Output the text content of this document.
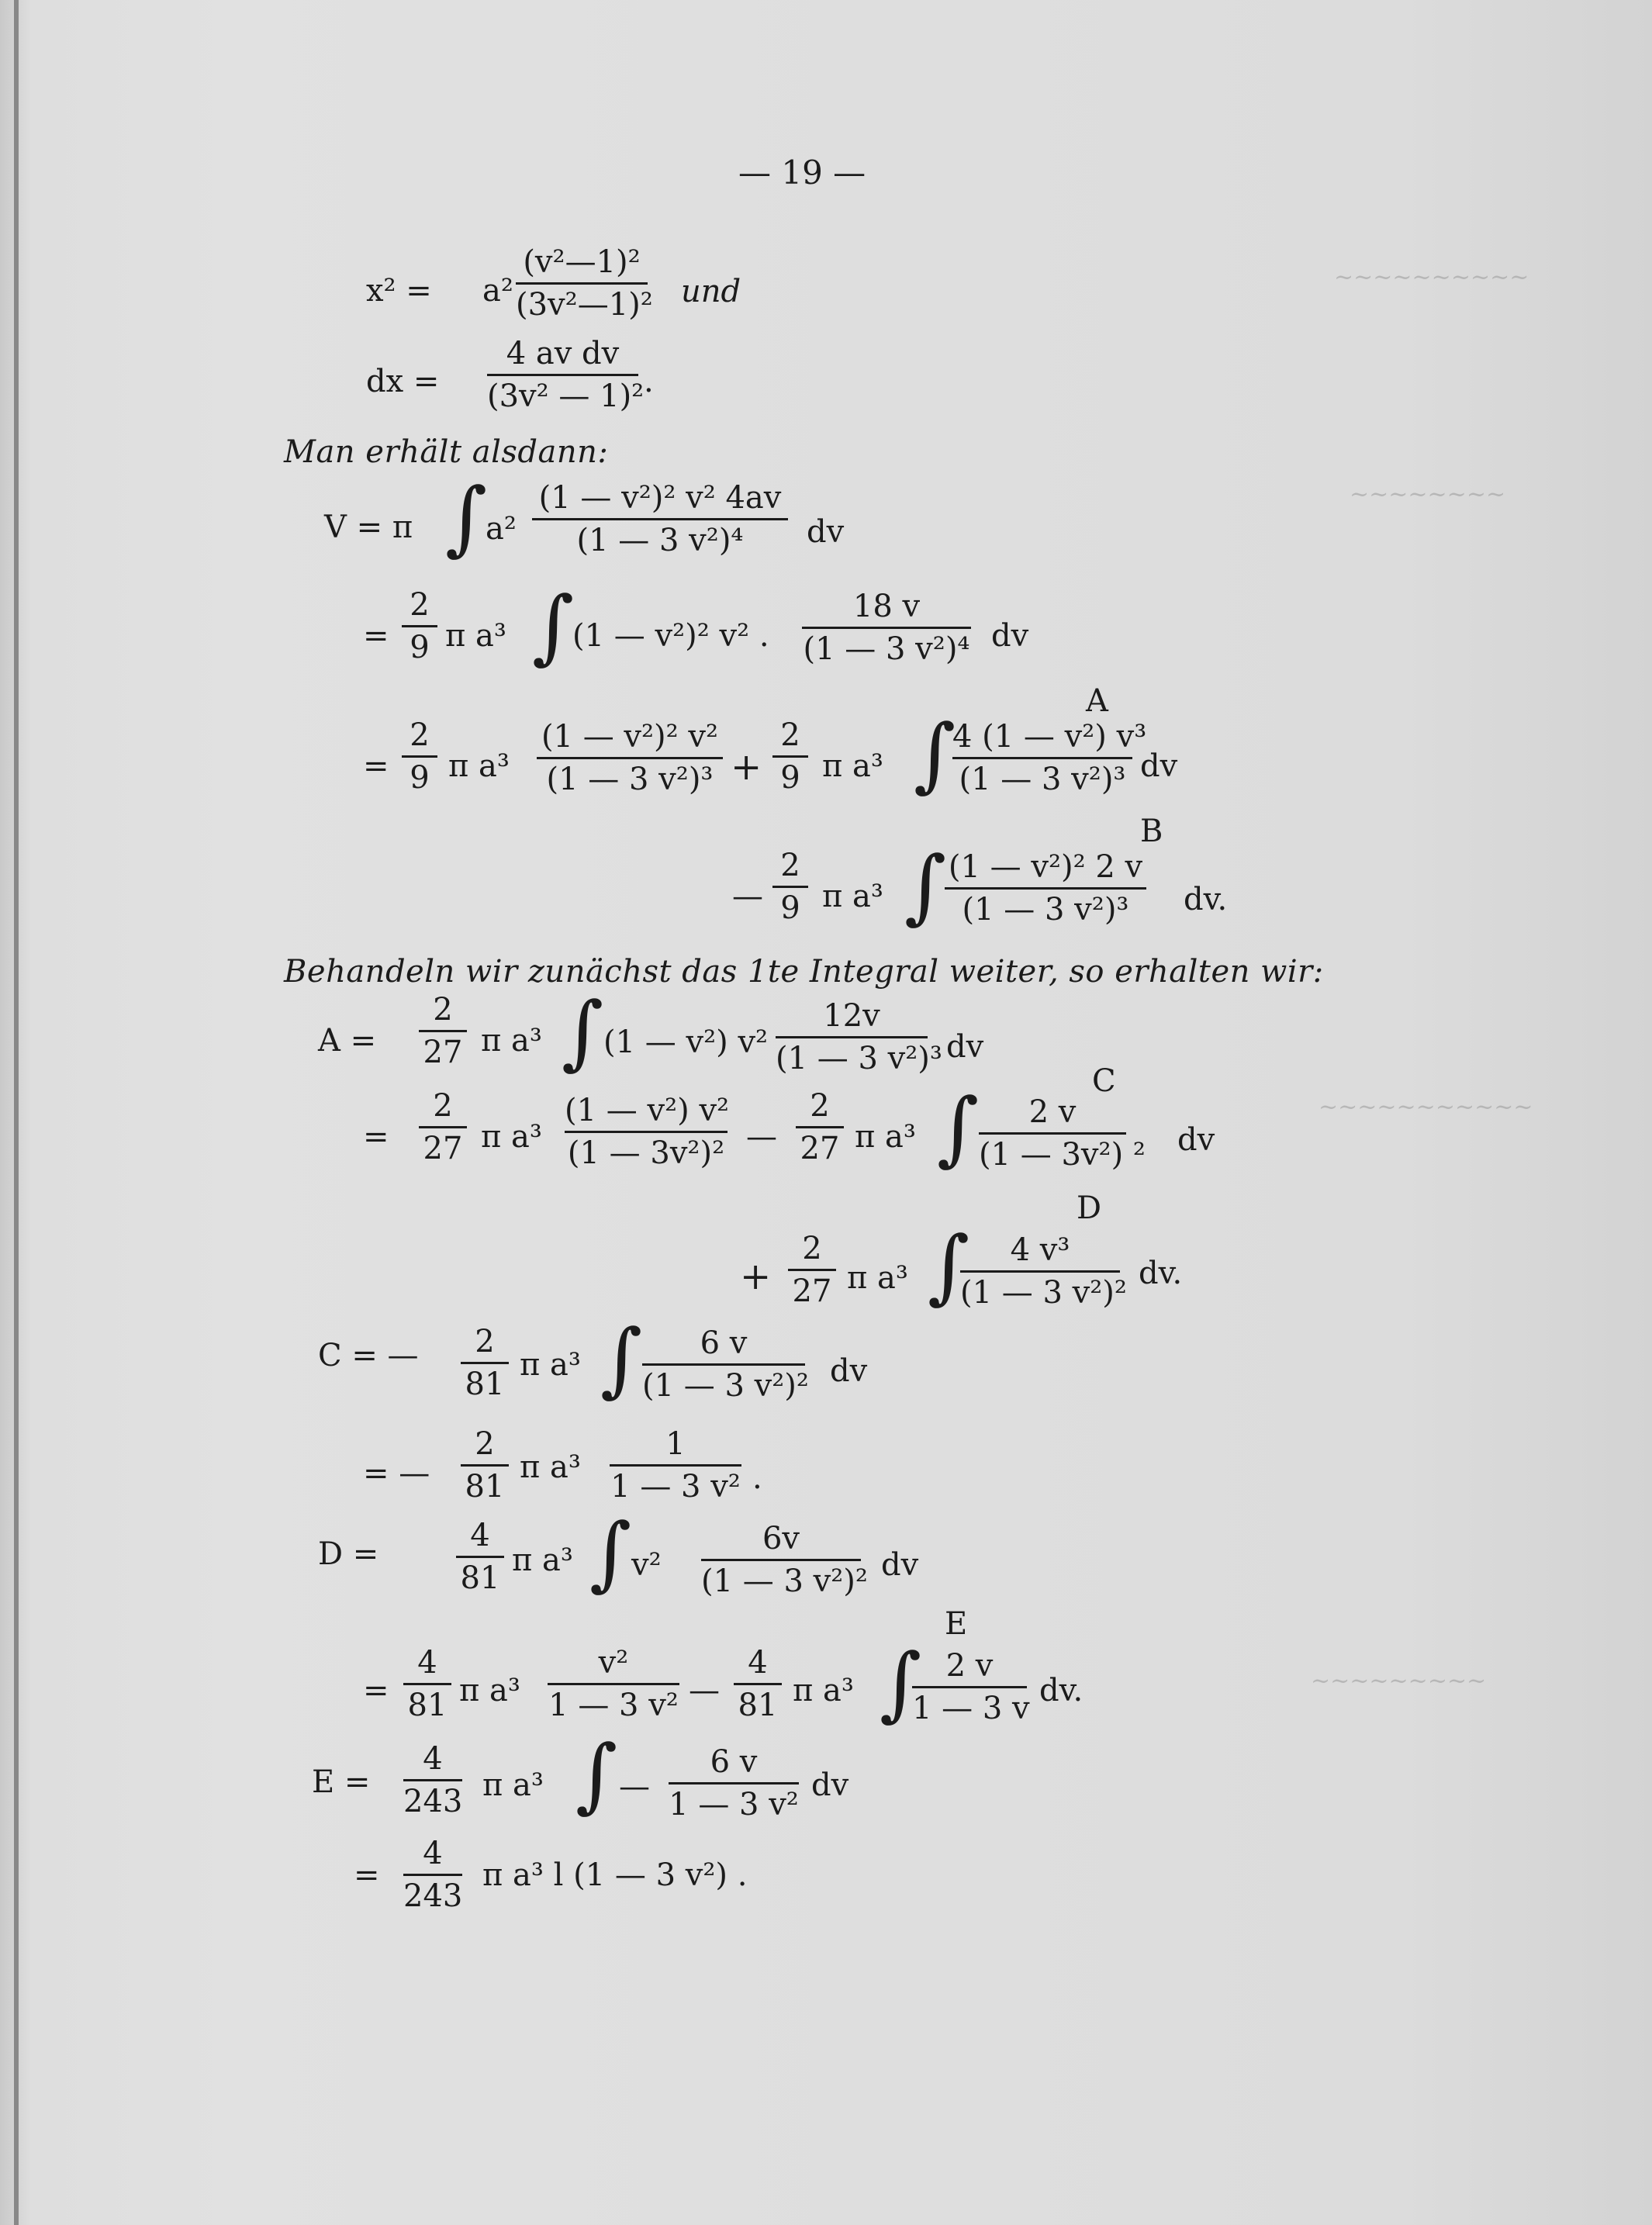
~~~~~~~~~~
~~~~~~~~
~~~~~~~~~~~
~~~~~~~~~
— 19 —
$x^2 = a^2 \frac{\text{(v²—1)²}}{\text{(3v²—1)²}}$ und
dx = $\frac{\text{4 av dv}}{\text{(3v² — 1)²}}$ .
Man erhält alsdann:
V = π ∫
$a^2 \frac{\text{(1 — v²)² v² 4av}}{\text{(1 — 3 v²)⁴}}$ dv
= $\frac{2}{9}$ π a³ ∫
(1 — v²)² v² . $\frac{18 v}{\text{(1 — 3 v²)⁴}}$ dv
A
= $\frac{2}{9}$ π $a^3 \frac{\text{(1 — v²)² v²}}{\text{(1 — 3 v²)³}} + \frac{2}{9}$ π a³ ∫
$\frac{\text{4 (1 — v²) v³}}{\text{(1 — 3 v²)³}}$ dv
B
— $\frac{2}{9}$ π a³ ∫
$\frac{\text{(1 — v²)² 2 v}}{\text{(1 — 3 v²)³}}$ dv.
Behandeln wir zunächst das 1te Integral weiter, so erhalten wir:
$A = \frac{2}{27}$ π a³ ∫ (1 — v²) $v^2 \frac{12v}{\text{(1 — 3 v²)³}}$ dv
C
= $\frac{2}{27}$ π $a^3 \frac{\text{(1 — v²) v²}}{\text{(1 — 3v²)²}}$ — $\frac{2}{27}$ π a³ ∫ $\frac{2 v}{\text{(1 — 3v²) ²}}$ dv
D
+ $\frac{2}{27}$ π a³ ∫
$\frac{\text{4 v³}}{\text{(1 — 3 v²)²}}$ dv.
C = — $\frac{2}{81}$ π a³ ∫ $\frac{6 v}{\text{(1 — 3 v²)²}}$ dv
= — $\frac{2}{81}$ π $a^3 \frac{1}{\text{1 — 3 v²}}$ .
$D = \frac{4}{81}$ π a³ ∫ $v^2 \frac{6v}{\text{(1 — 3 v²)²}}$ dv
E
= $\frac{4}{81}$ π $a^3 \frac{\text{v²}}{\text{1 — 3 v²}}$ — $\frac{4}{81}$ π a³ ∫
$\frac{2 v}{1 — 3 v}$ dv.
$E = \frac{4}{243}$ π a³ ∫ — $\frac{6 v}{\text{1 — 3 v²}}$ dv
= $\frac{4}{243}$ π a³ l (1 — 3 v²) .
